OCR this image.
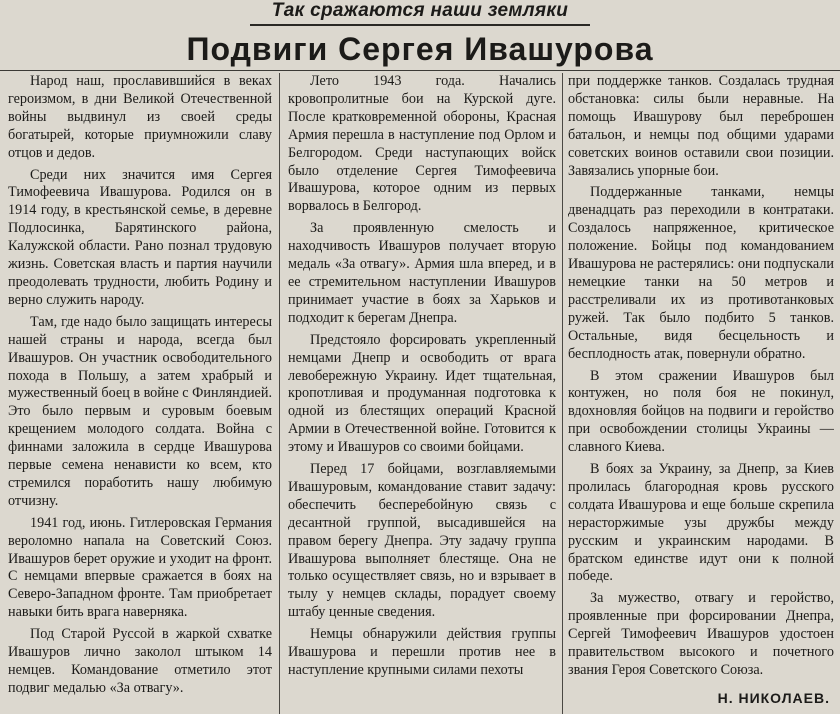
Так сражаются наши земляки
Подвиги Сергея Ивашурова

Народ наш, прославившийся в веках героизмом, в дни Великой Отечественной войны выдвинул из своей среды богатырей, которые приумножили славу отцов и дедов.

Среди них значится имя Сергея Тимофеевича Ивашурова. Родился он в 1914 году, в крестьянской семье, в деревне Подлосинка, Барятинского района, Калужской области. Рано познал трудовую жизнь. Советская власть и партия научили преодолевать трудности, любить Родину и верно служить народу.

Там, где надо было защищать интересы нашей страны и народа, всегда был Ивашуров. Он участник освободительного похода в Польшу, а затем храбрый и мужественный боец в войне с Финляндией. Это было первым и суровым боевым крещением молодого солдата. Война с финнами заложила в сердце Ивашурова первые семена ненависти ко всем, кто стремился поработить нашу любимую отчизну.

1941 год, июнь. Гитлеровская Германия вероломно напала на Советский Союз. Ивашуров берет оружие и уходит на фронт. С немцами впервые сражается в боях на Северо-Западном фронте. Там приобретает навыки бить врага наверняка.

Под Старой Руссой в жаркой схватке Ивашуров лично заколол штыком 14 немцев. Командование отметило этот подвиг медалью «За отвагу».

Лето 1943 года. Начались кровопролитные бои на Курской дуге. После кратковременной обороны, Красная Армия перешла в наступление под Орлом и Белгородом. Среди наступающих войск было отделение Сергея Тимофеевича Ивашурова, которое одним из первых ворвалось в Белгород.

За проявленную смелость и находчивость Ивашуров получает вторую медаль «За отвагу». Армия шла вперед, и в ее стремительном наступлении Ивашуров принимает участие в боях за Харьков и подходит к берегам Днепра.

Предстояло форсировать укрепленный немцами Днепр и освободить от врага левобережную Украину. Идет тщательная, кропотливая и продуманная подготовка к одной из блестящих операций Красной Армии в Отечественной войне. Готовится к этому и Ивашуров со своими бойцами.

Перед 17 бойцами, возглавляемыми Ивашуровым, командование ставит задачу: обеспечить бесперебойную связь с десантной группой, высадившейся на правом берегу Днепра. Эту задачу группа Ивашурова выполняет блестяще. Она не только осуществляет связь, но и взрывает в тылу у немцев склады, порадует своему штабу ценные сведения.

Немцы обнаружили действия группы Ивашурова и перешли против нее в наступление крупными силами пехоты

при поддержке танков. Создалась трудная обстановка: силы были неравные. На помощь Ивашурову был переброшен батальон, и немцы под общими ударами советских воинов оставили свои позиции. Завязались упорные бои.

Поддержанные танками, немцы двенадцать раз переходили в контратаки. Создалось напряженное, критическое положение. Бойцы под командованием Ивашурова не растерялись: они подпускали немецкие танки на 50 метров и расстреливали их из противотанковых ружей. Так было подбито 5 танков. Остальные, видя бесцельность и бесплодность атак, повернули обратно.

В этом сражении Ивашуров был контужен, но поля боя не покинул, вдохновляя бойцов на подвиги и геройство при освобождении столицы Украины — славного Киева.

В боях за Украину, за Днепр, за Киев пролилась благородная кровь русского солдата Ивашурова и еще больше скрепила нерасторжимые узы дружбы между русским и украинским народами. В братском единстве идут они к полной победе.

За мужество, отвагу и геройство, проявленные при форсировании Днепра, Сергей Тимофеевич Ивашуров удостоен правительством высокого и почетного звания Героя Советского Союза.

Н. НИКОЛАЕВ.
